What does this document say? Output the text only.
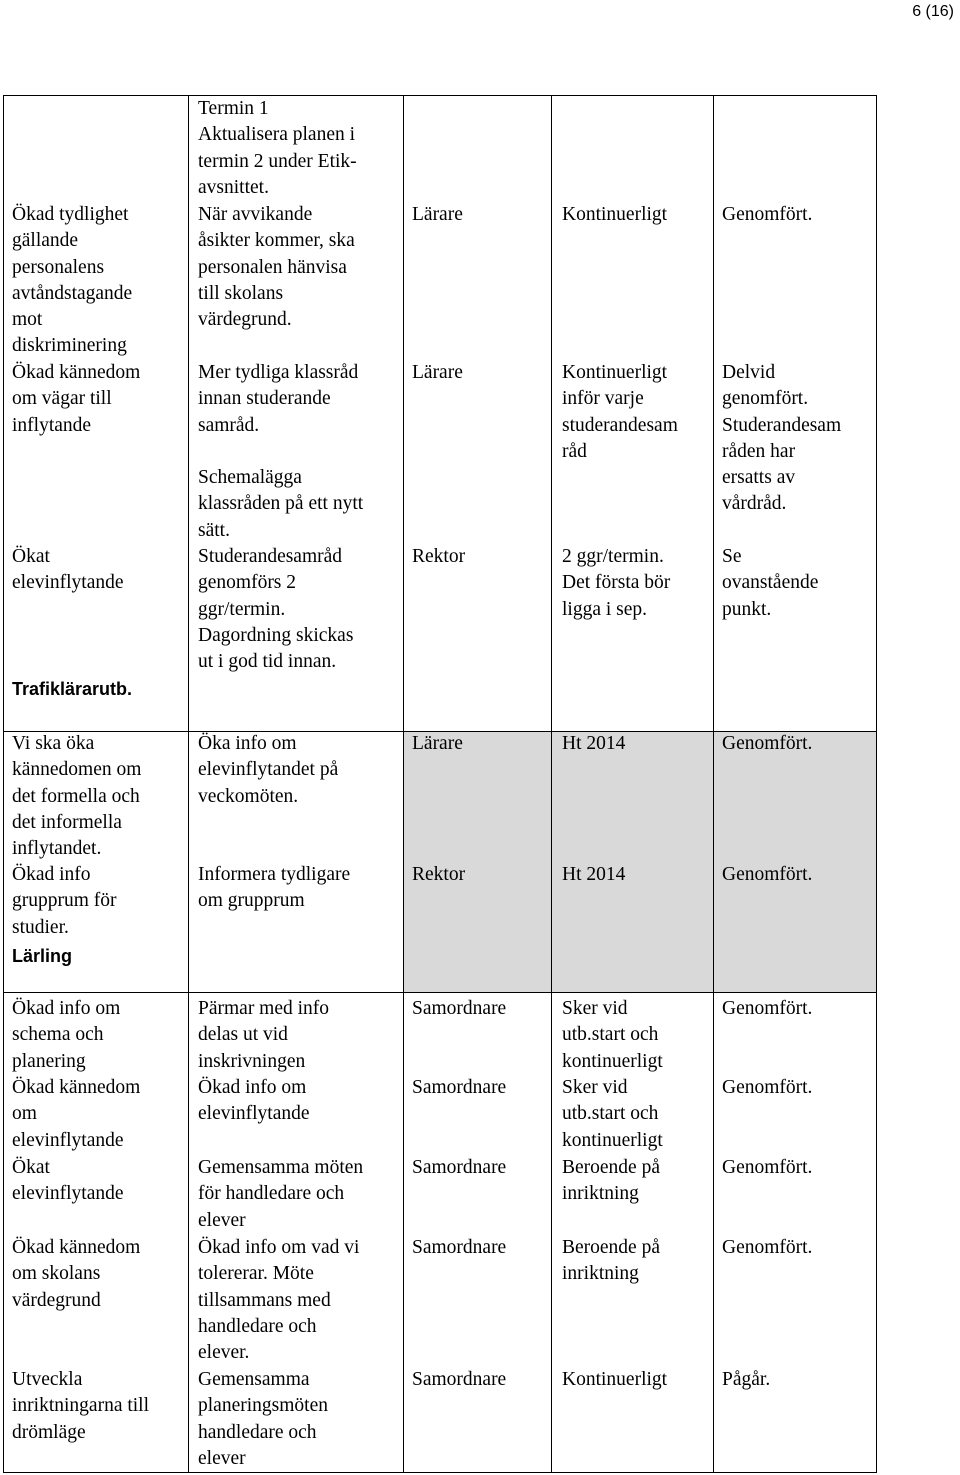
6 (16)
Ökad tydlighet
gällande
personalens
avtåndstagande
mot
diskriminering
Ökad kännedom
om vägar till
inflytande
Ökat
elevinflytande
Trafiklärarutb.
Termin 1
Aktualisera planen i
termin 2 under Etik-
avsnittet.
När avvikande
åsikter kommer, ska
personalen hänvisa
till skolans
värdegrund.
Mer tydliga klassråd
innan studerande
samråd.
Schemalägga
klassråden på ett nytt
sätt.
Studerandesamråd
genomförs 2
ggr/termin.
Dagordning skickas
ut i god tid innan.
Lärare
Lärare
Rektor
Kontinuerligt
Kontinuerligt
inför varje
studerandesam
råd
2 ggr/termin.
Det första bör
ligga i sep.
Genomfört.
Delvid
genomfört.
Studerandesam
råden har
ersatts av
vårdråd.
Se
ovanstående
punkt.
Vi ska öka
kännedomen om
det formella och
det informella
inflytandet.
Ökad info
grupprum för
studier.
Lärling
Öka info om
elevinflytandet på
veckomöten.
Informera tydligare
om grupprum
Lärare
Rektor
Ht 2014
Ht 2014
Genomfört.
Genomfört.
Ökad info om
schema och
planering
Ökad kännedom
om
elevinflytande
Ökat
elevinflytande
Ökad kännedom
om skolans
värdegrund
Utveckla
inriktningarna till
drömläge
Pärmar med info
delas ut vid
inskrivningen
Ökad info om
elevinflytande
Gemensamma möten
för handledare och
elever
Ökad info om vad vi
tolererar. Möte
tillsammans med
handledare och
elever.
Gemensamma
planeringsmöten
handledare och
elever
Samordnare
Samordnare
Samordnare
Samordnare
Samordnare
Sker vid
utb.start och
kontinuerligt
Sker vid
utb.start och
kontinuerligt
Beroende på
inriktning
Beroende på
inriktning
Kontinuerligt
Genomfört.
Genomfört.
Genomfört.
Genomfört.
Pågår.
